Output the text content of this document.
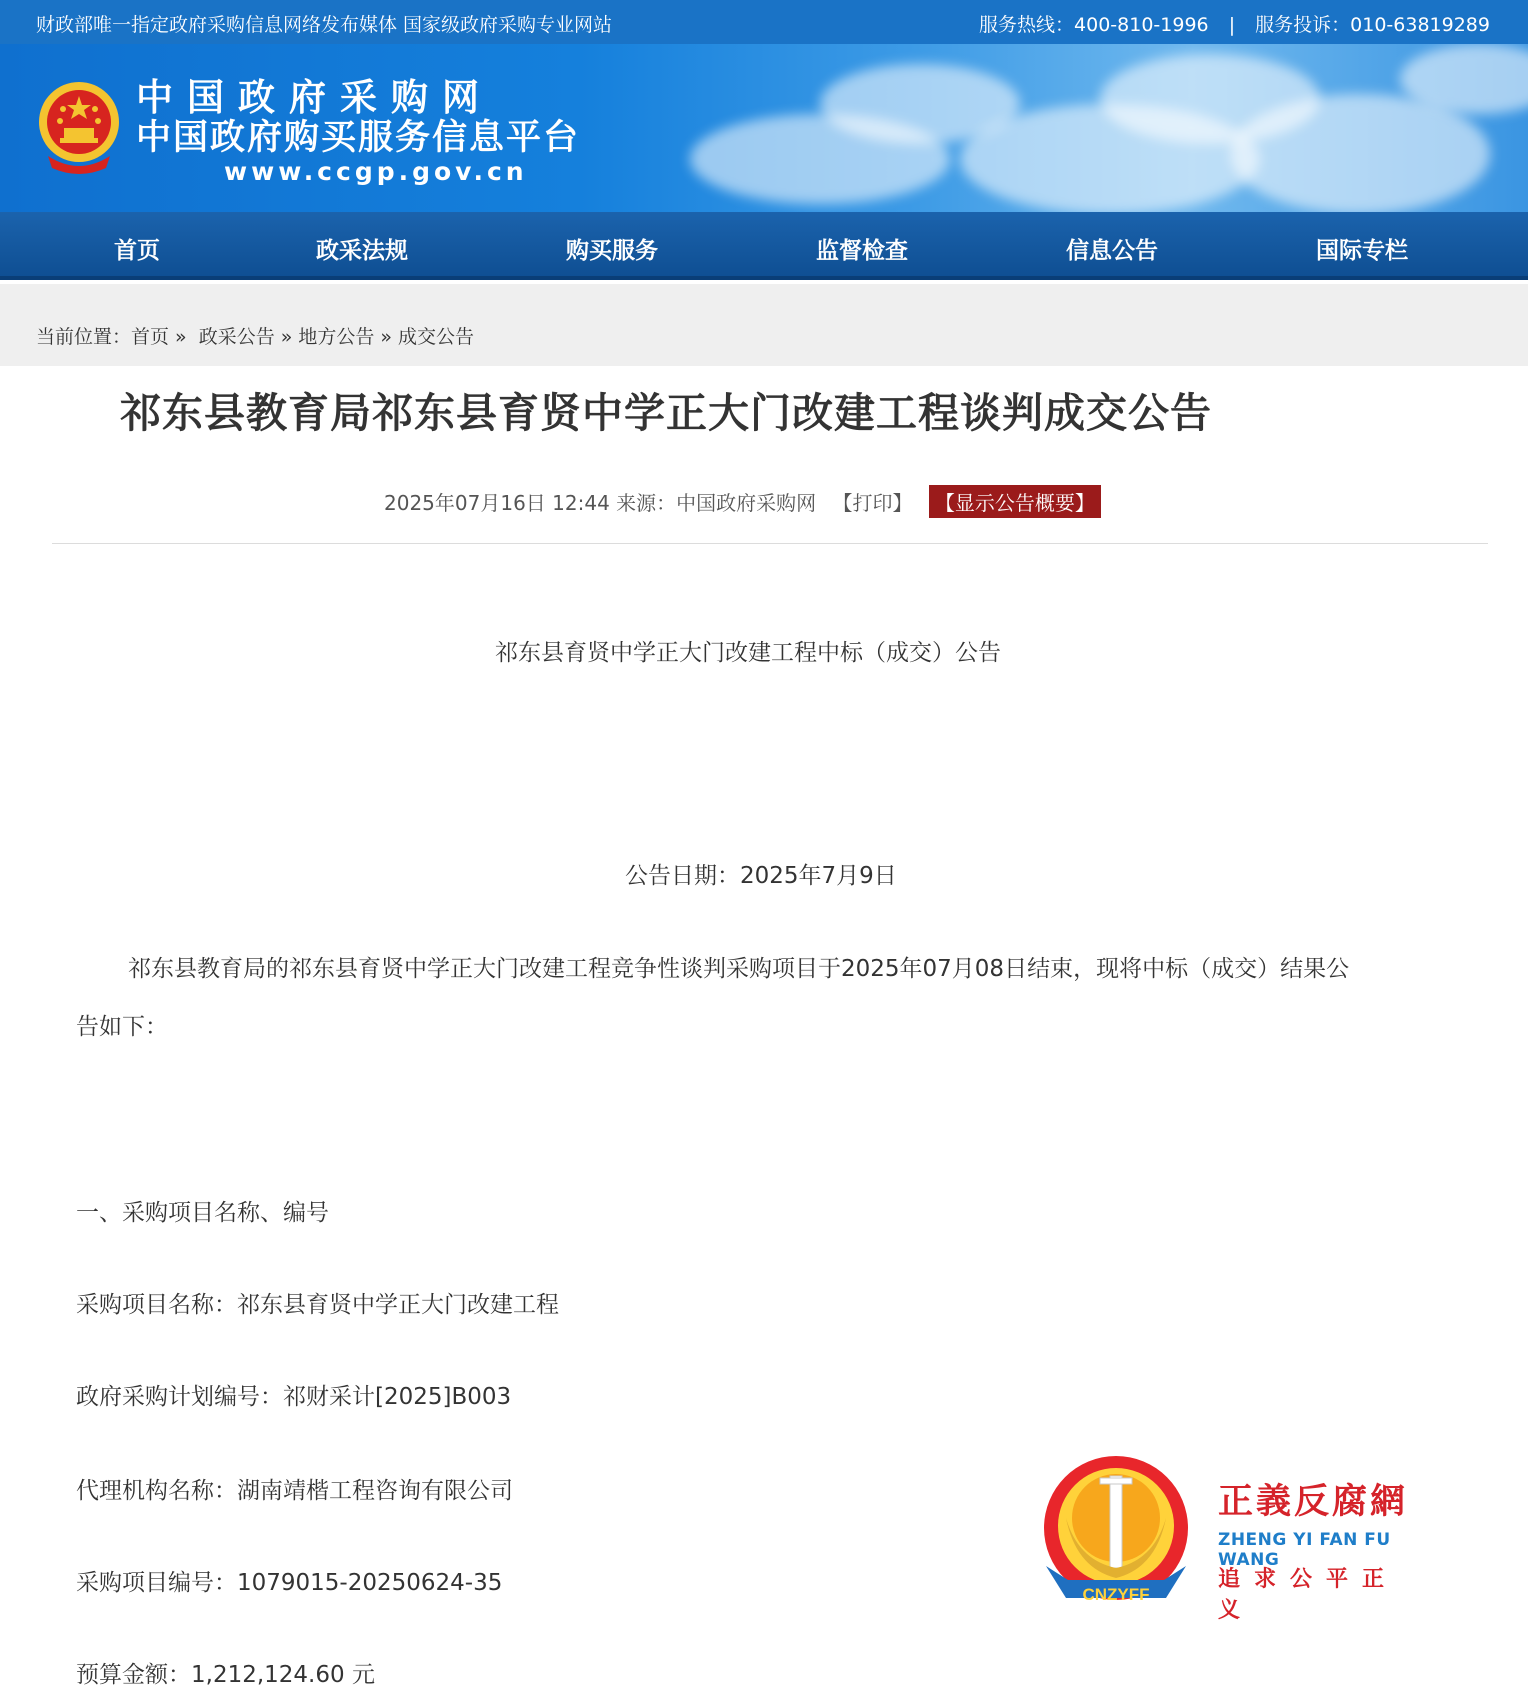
财政部唯一指定政府采购信息网络发布媒体 国家级政府采购专业网站	服务热线：400-810-1996 | 服务投诉：010-63819289
中国政府采购网
中国政府购买服务信息平台
www.ccgp.gov.cn
首页	政采法规	购买服务	监督检查	信息公告	国际专栏
当前位置：首页 » 政采公告 » 地方公告 » 成交公告
祁东县教育局祁东县育贤中学正大门改建工程谈判成交公告
2025年07月16日 12:44 来源：中国政府采购网 【打印】 【显示公告概要】
祁东县育贤中学正大门改建工程中标（成交）公告
公告日期：2025年7月9日
祁东县教育局的祁东县育贤中学正大门改建工程竞争性谈判采购项目于2025年07月08日结束，现将中标（成交）结果公
告如下：
一、采购项目名称、编号
采购项目名称：祁东县育贤中学正大门改建工程
政府采购计划编号：祁财采计[2025]B003
代理机构名称：湖南靖楷工程咨询有限公司
采购项目编号：1079015-20250624-35
预算金额：1,212,124.60 元
CNZYFF
正義反腐網
ZHENG YI FAN FU WANG
追求公平正义
